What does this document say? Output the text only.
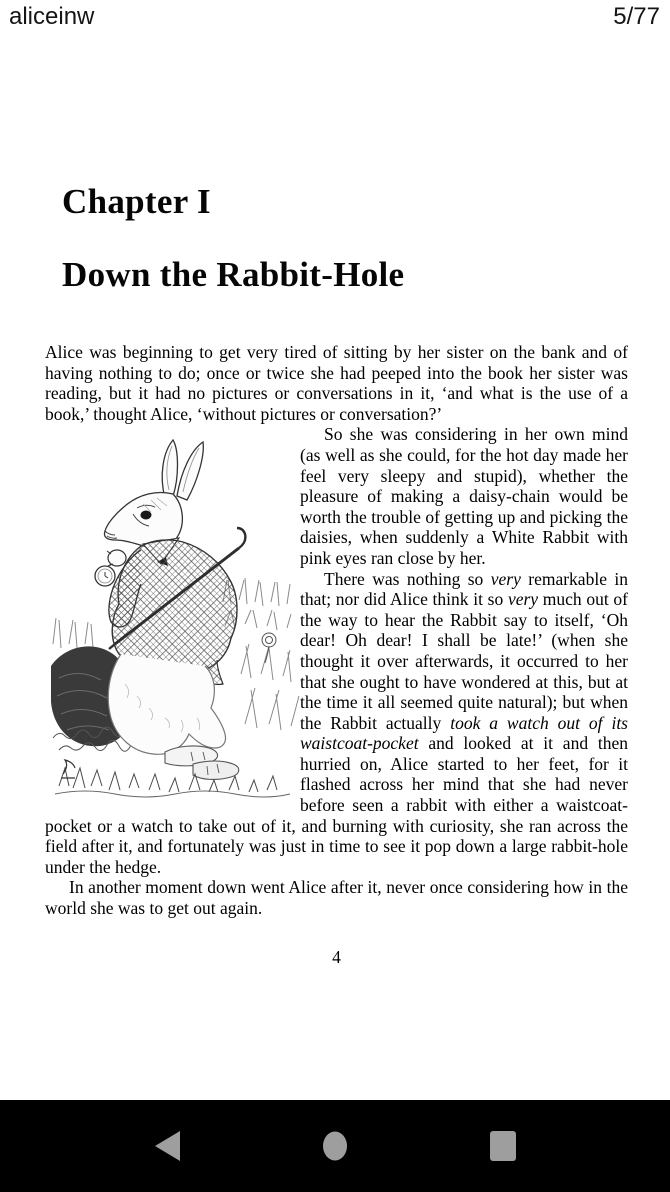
aliceinw	5/77
Chapter I
Down the Rabbit-Hole

Alice was beginning to get very tired of sitting by her sister on the bank and of having nothing to do; once or twice she had peeped into the book her sister was reading, but it had no pictures or conversations in it, ‘and what is the use of a book,’ thought Alice, ‘without pictures or conversation?’

So she was considering in her own mind (as well as she could, for the hot day made her feel very sleepy and stupid), whether the pleasure of making a daisy-chain would be worth the trouble of getting up and picking the daisies, when suddenly a White Rabbit with pink eyes ran close by her.

There was nothing so very remarkable in that; nor did Alice think it so very much out of the way to hear the Rabbit say to itself, ‘Oh dear! Oh dear! I shall be late!’ (when she thought it over afterwards, it occurred to her that she ought to have wondered at this, but at the time it all seemed quite natural); but when the Rabbit actually took a watch out of its waistcoat-pocket and looked at it and then hurried on, Alice started to her feet, for it flashed across her mind that she had never before seen a rabbit with either a waistcoat-pocket or a watch to take out of it, and burning with curiosity, she ran across the field after it, and fortunately was just in time to see it pop down a large rabbit-hole under the hedge.

In another moment down went Alice after it, never once considering how in the world she was to get out again.

4
